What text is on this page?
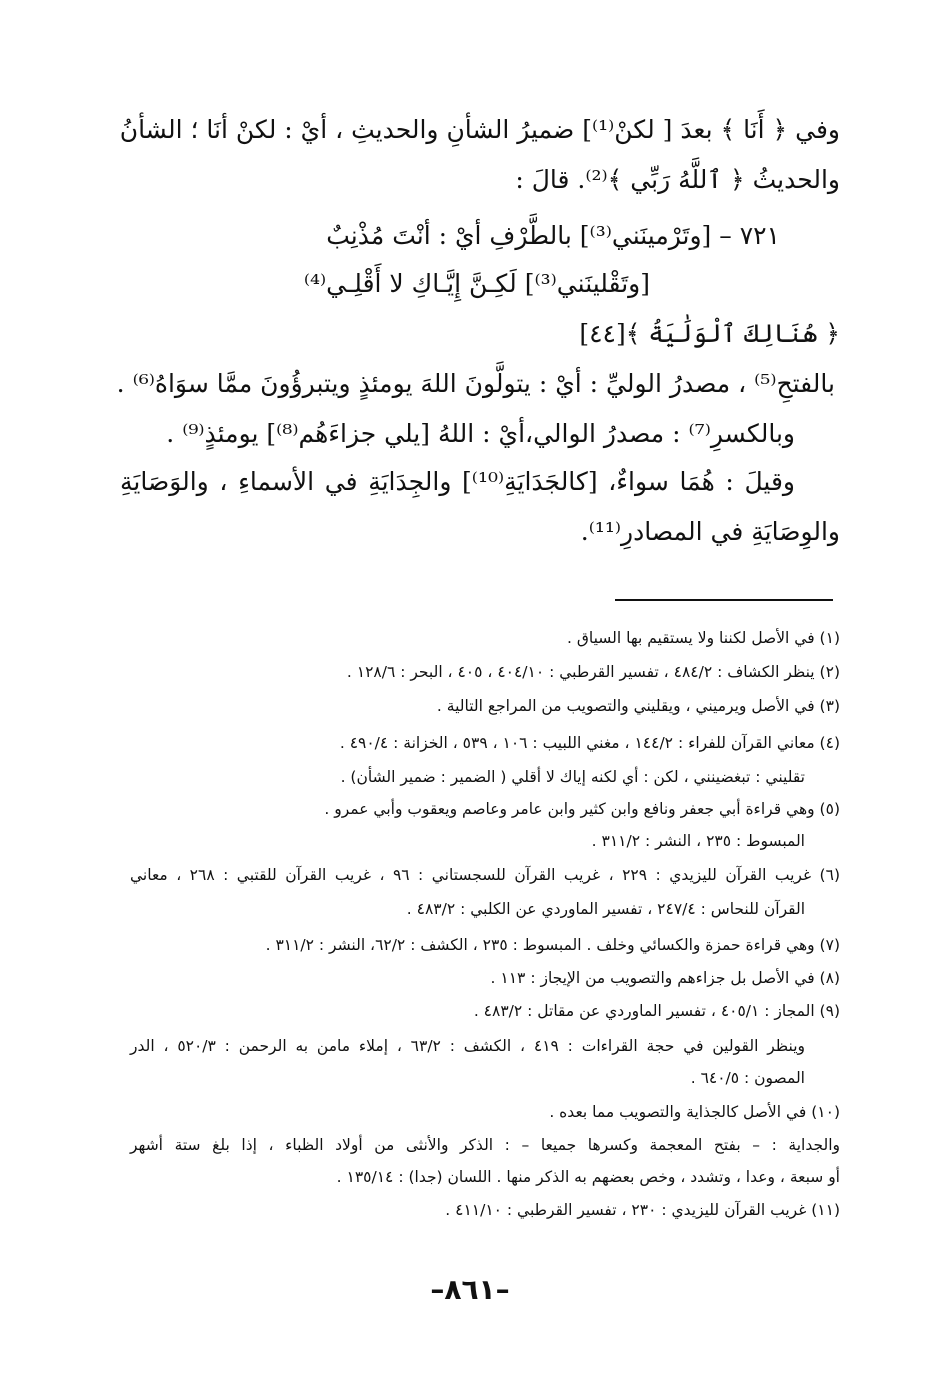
وفي ﴿ أَنَا ﴾ بعدَ [ لكنْ⁽¹⁾] ضميرُ الشأنِ والحديثِ ، أيْ : لكنْ أنَا ؛ الشأنُ
والحديثُ ﴿ ٱللَّهُ رَبِّي ﴾⁽²⁾. قالَ :
٧٢١ – [وتَرْمينَني⁽³⁾] بالطَّرْفِ أيْ : أنْتَ مُذْنِبٌ
[وتَقْلينَني⁽³⁾] لَكِـنَّ إِيَّـاكِ لا أَقْلِـي⁽⁴⁾
﴿ هُنَالِكَ ٱلْوَلَٰيَةُ ﴾[٤٤]
بالفتحِ⁽⁵⁾ ، مصدرُ الوليِّ : أيْ : يتولَّونَ اللهَ يومئذٍ ويتبرؤُونَ ممَّا سوَاهُ⁽⁶⁾ .
وبالكسرِ⁽⁷⁾ : مصدرُ الوالي،أيْ : اللهُ [يلي جزاءَهُم⁽⁸⁾] يومئذٍ⁽⁹⁾ .
وقيلَ : هُمَا سواءٌ، [كالجَدَايَةِ⁽¹⁰⁾] والجِدَايَةِ في الأسماءِ ، والوَصَايَةِ
والوِصَايَةِ في المصادرِ⁽¹¹⁾.
(١) في الأصل لكننا ولا يستقيم بها السياق .
(٢) ينظر الكشاف : ٤٨٤/٢ ، تفسير القرطبي : ٤٠٤/١٠ ، ٤٠٥ ، البحر : ١٢٨/٦ .
(٣) في الأصل ويرميني ، ويقليني والتصويب من المراجع التالية .
(٤) معاني القرآن للفراء : ١٤٤/٢ ، مغني اللبيب : ١٠٦ ، ٥٣٩ ، الخزانة : ٤٩٠/٤ .
تقليني : تبغضينني ، لكن : أي لكنه إياك لا أقلي ( الضمير : ضمير الشأن) .
(٥) وهي قراءة أبي جعفر ونافع وابن كثير وابن عامر وعاصم ويعقوب وأبي عمرو .
المبسوط : ٢٣٥ ، النشر : ٣١١/٢ .
(٦) غريب القرآن لليزيدي : ٢٢٩ ، غريب القرآن للسجستاني : ٩٦ ، غريب القرآن للقتبي : ٢٦٨ ، معاني
القرآن للنحاس : ٢٤٧/٤ ، تفسير الماوردي عن الكلبي : ٤٨٣/٢ .
(٧) وهي قراءة حمزة والكسائي وخلف . المبسوط : ٢٣٥ ، الكشف : ٦٢/٢، النشر : ٣١١/٢ .
(٨) في الأصل بل جزاءهم والتصويب من الإيجاز : ١١٣ .
(٩) المجاز : ٤٠٥/١ ، تفسير الماوردي عن مقاتل : ٤٨٣/٢ .
وينظر القولين في حجة القراءات : ٤١٩ ، الكشف : ٦٣/٢ ، إملاء مامن به الرحمن : ٥٢٠/٣ ، الدر
المصون : ٦٤٠/٥ .
(١٠) في الأصل كالجذاية والتصويب مما بعده .
والجداية : – بفتح المعجمة وكسرها جميعا – : الذكر والأنثى من أولاد الظباء ، إذا بلغ ستة أشهر
أو سبعة ، وعدا ، وتشدد ، وخص بعضهم به الذكر منها . اللسان (جدا) : ١٣٥/١٤ .
(١١) غريب القرآن لليزيدي : ٢٣٠ ، تفسير القرطبي : ٤١١/١٠ .
–٨٦١–
